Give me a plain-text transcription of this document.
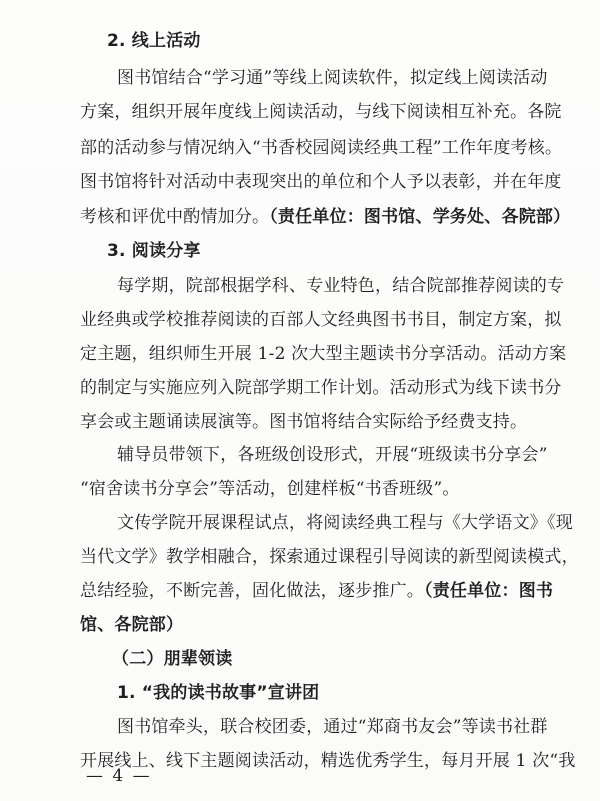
2. 线上活动
图书馆结合“学习通”等线上阅读软件，拟定线上阅读活动
方案，组织开展年度线上阅读活动，与线下阅读相互补充。各院
部的活动参与情况纳入“书香校园阅读经典工程”工作年度考核。
图书馆将针对活动中表现突出的单位和个人予以表彰，并在年度
考核和评优中酌情加分。（责任单位：图书馆、学务处、各院部）
3. 阅读分享
每学期，院部根据学科、专业特色，结合院部推荐阅读的专
业经典或学校推荐阅读的百部人文经典图书书目，制定方案，拟
定主题，组织师生开展 1-2 次大型主题读书分享活动。活动方案
的制定与实施应列入院部学期工作计划。活动形式为线下读书分
享会或主题诵读展演等。图书馆将结合实际给予经费支持。
辅导员带领下，各班级创设形式，开展“班级读书分享会”
“宿舍读书分享会”等活动，创建样板“书香班级”。
文传学院开展课程试点，将阅读经典工程与《大学语文》《现
当代文学》教学相融合，探索通过课程引导阅读的新型阅读模式，
总结经验，不断完善，固化做法，逐步推广。（责任单位：图书
馆、各院部）
（二）朋辈领读
1. “我的读书故事”宣讲团
图书馆牵头，联合校团委，通过“郑商书友会”等读书社群
开展线上、线下主题阅读活动，精选优秀学生，每月开展 1 次“我
— 4 —
